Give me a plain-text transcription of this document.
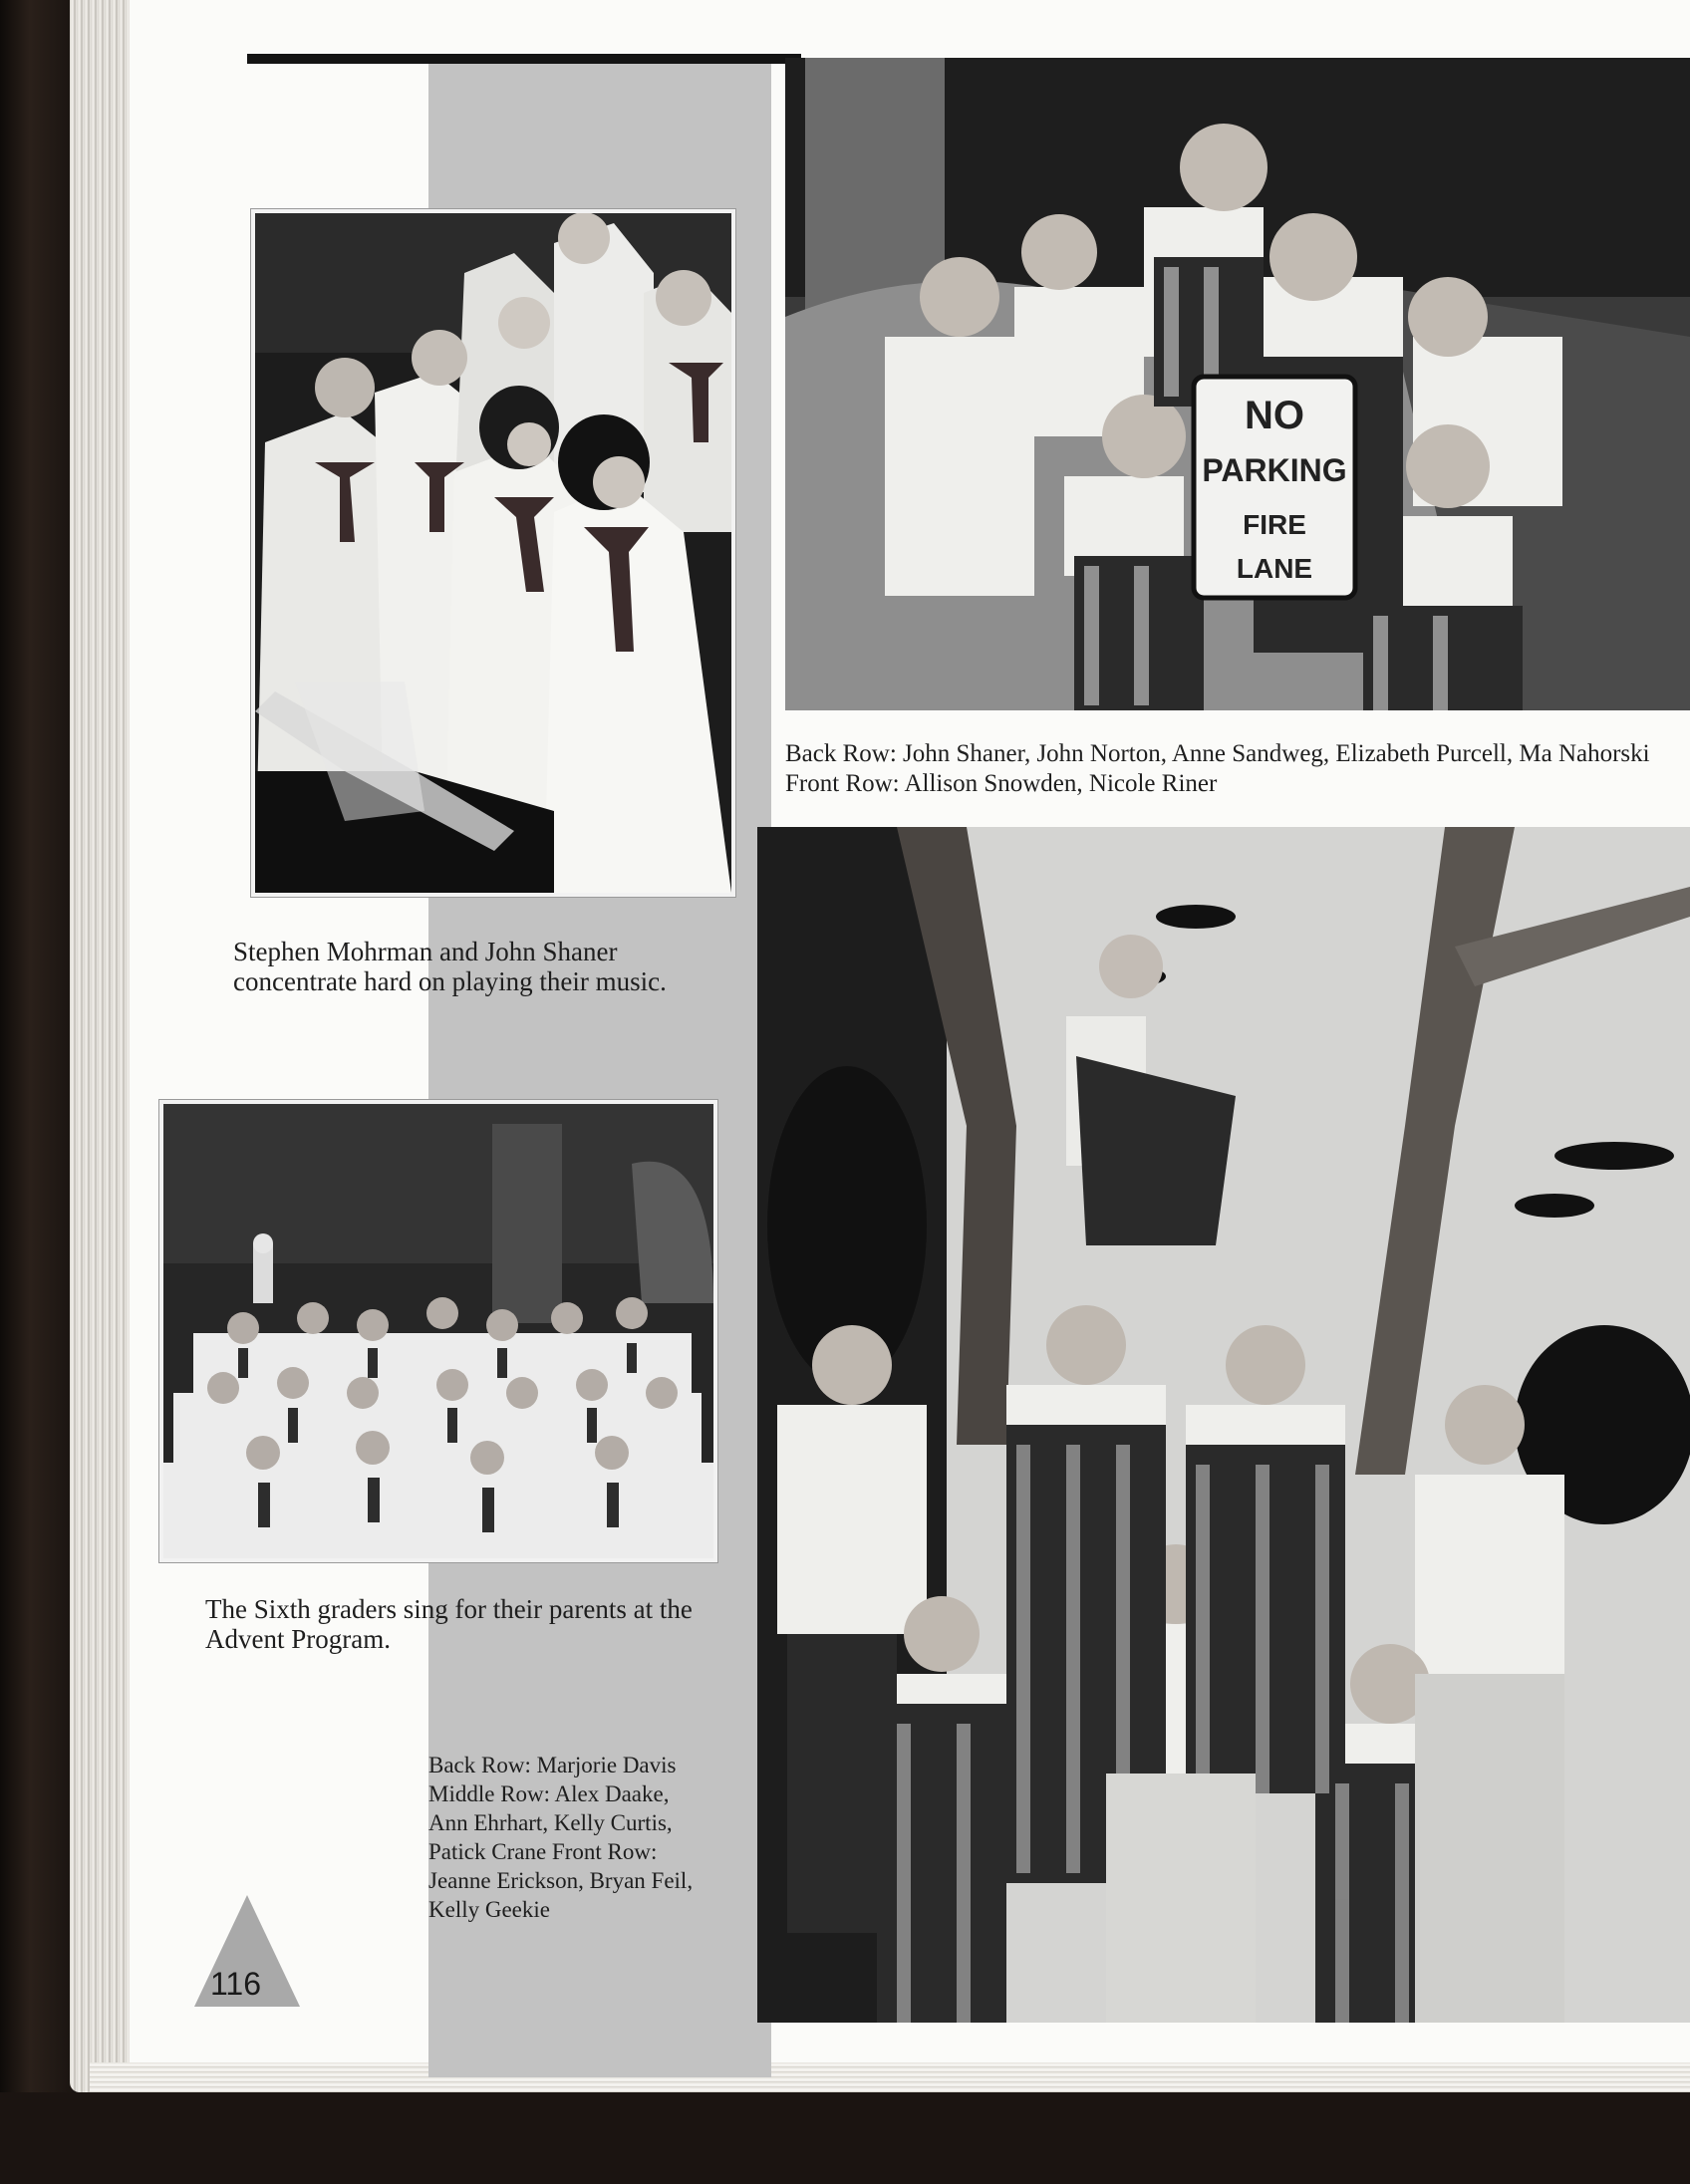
Stephen Mohrman and John Shaner concentrate hard on playing their music.
The Sixth graders sing for their parents at the Advent Program.
Back Row: Marjorie Davis Middle Row: Alex Daake, Ann Ehrhart, Kelly Curtis, Patick Crane Front Row: Jeanne Erickson, Bryan Feil, Kelly Geekie
116
NO
PARKING
FIRE
LANE
Back Row: John Shaner, John Norton, Anne Sandweg, Elizabeth Purcell, Ma Nahorski Front Row: Allison Snowden, Nicole Riner
